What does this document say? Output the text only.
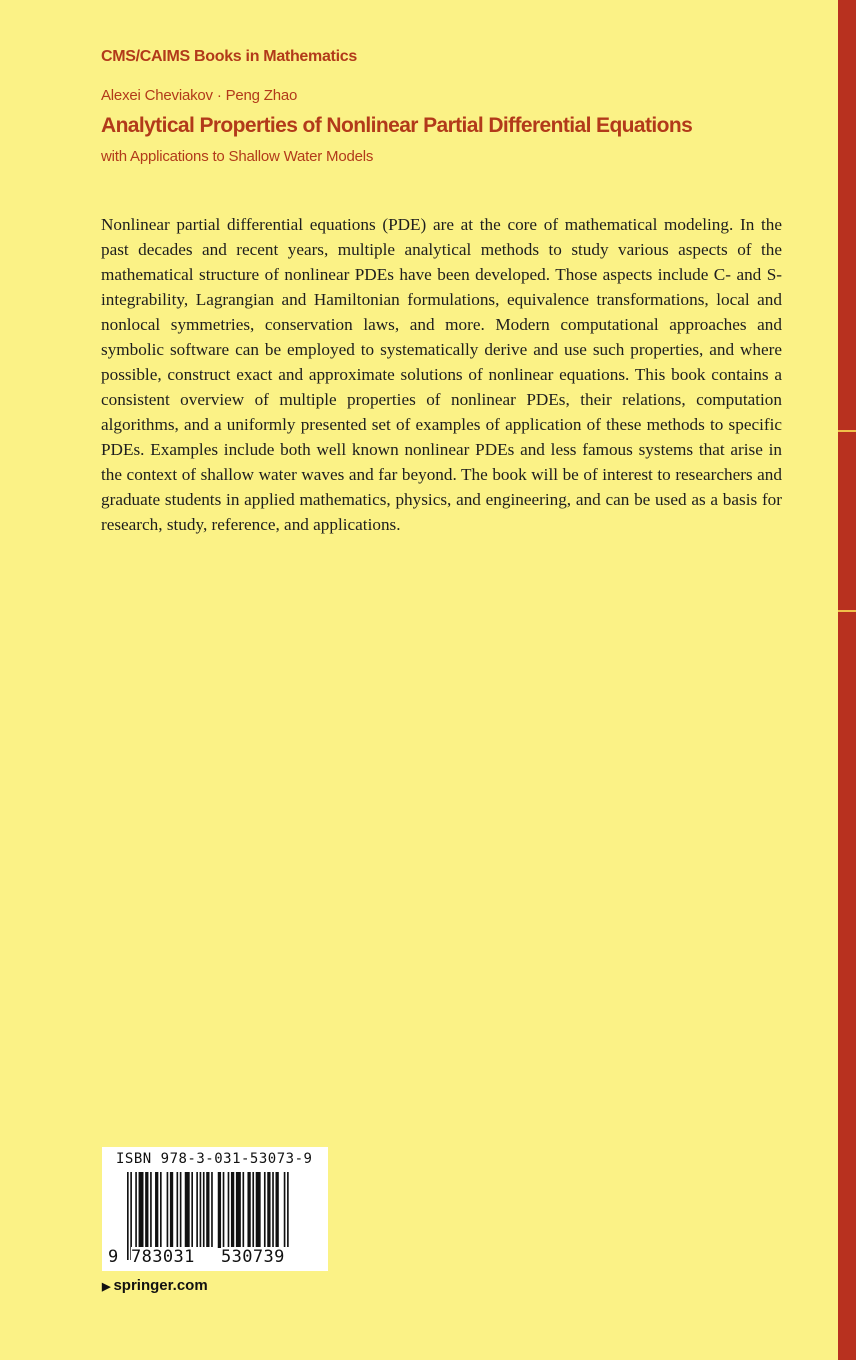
CMS/CAIMS Books in Mathematics
Alexei Cheviakov · Peng Zhao
Analytical Properties of Nonlinear Partial Differential Equations
with Applications to Shallow Water Models

Nonlinear partial differential equations (PDE) are at the core of mathematical modeling. In the past decades and recent years, multiple analytical methods to study various aspects of the mathematical structure of nonlinear PDEs have been developed. Those aspects include C- and S-integrability, Lagrangian and Hamiltonian formulations, equivalence transformations, local and nonlocal symmetries, conservation laws, and more. Modern computational approaches and symbolic software can be employed to systematically derive and use such properties, and where possible, construct exact and approximate solutions of nonlinear equations. This book contains a consistent overview of multiple properties of nonlinear PDEs, their relations, computation algorithms, and a uniformly presented set of examples of application of these methods to specific PDEs. Examples include both well known nonlinear PDEs and less famous systems that arise in the context of shallow water waves and far beyond. The book will be of interest to researchers and graduate students in applied mathematics, physics, and engineering, and can be used as a basis for research, study, reference, and applications.

ISBN 978-3-031-53073-9
9 783031	530739
▶ springer.com
